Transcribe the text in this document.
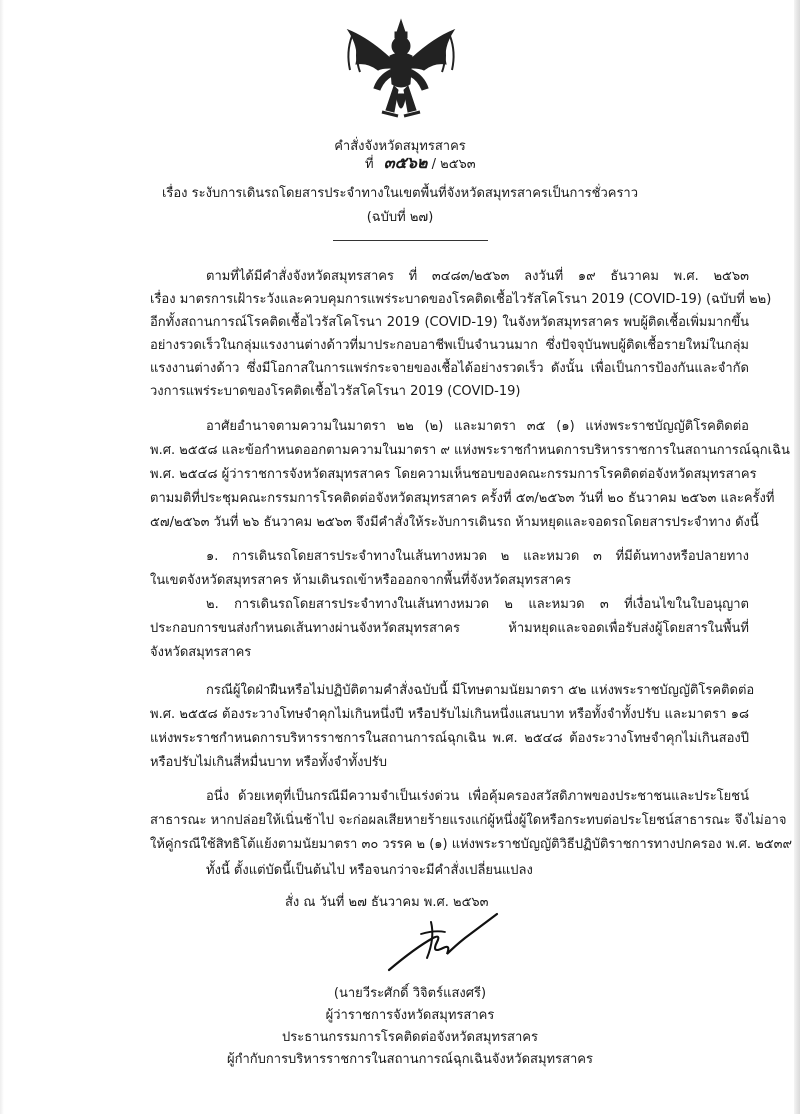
คำสั่งจังหวัดสมุทรสาคร
ที่ ๓๕๖๒ / ๒๕๖๓
เรื่อง ระงับการเดินรถโดยสารประจำทางในเขตพื้นที่จังหวัดสมุทรสาครเป็นการชั่วคราว
(ฉบับที่ ๒๗)
ตามที่ได้มีคำสั่งจังหวัดสมุทรสาคร ที่ ๓๔๘๓/๒๕๖๓ ลงวันที่ ๑๙ ธันวาคม พ.ศ. ๒๕๖๓
เรื่อง มาตรการเฝ้าระวังและควบคุมการแพร่ระบาดของโรคติดเชื้อไวรัสโคโรนา 2019 (COVID-19) (ฉบับที่ ๒๒)
อีกทั้งสถานการณ์โรคติดเชื้อไวรัสโคโรนา 2019 (COVID-19) ในจังหวัดสมุทรสาคร พบผู้ติดเชื้อเพิ่มมากขึ้น
อย่างรวดเร็วในกลุ่มแรงงานต่างด้าวที่มาประกอบอาชีพเป็นจำนวนมาก ซึ่งปัจจุบันพบผู้ติดเชื้อรายใหม่ในกลุ่ม
แรงงานต่างด้าว ซึ่งมีโอกาสในการแพร่กระจายของเชื้อได้อย่างรวดเร็ว ดังนั้น เพื่อเป็นการป้องกันและจำกัด
วงการแพร่ระบาดของโรคติดเชื้อไวรัสโคโรนา 2019 (COVID-19)
อาศัยอำนาจตามความในมาตรา ๒๒ (๒) และมาตรา ๓๕ (๑) แห่งพระราชบัญญัติโรคติดต่อ
พ.ศ. ๒๕๕๘ และข้อกำหนดออกตามความในมาตรา ๙ แห่งพระราชกำหนดการบริหารราชการในสถานการณ์ฉุกเฉิน
พ.ศ. ๒๕๔๘ ผู้ว่าราชการจังหวัดสมุทรสาคร โดยความเห็นชอบของคณะกรรมการโรคติดต่อจังหวัดสมุทรสาคร
ตามมติที่ประชุมคณะกรรมการโรคติดต่อจังหวัดสมุทรสาคร ครั้งที่ ๕๓/๒๕๖๓ วันที่ ๒๐ ธันวาคม ๒๕๖๓ และครั้งที่
๕๗/๒๕๖๓ วันที่ ๒๖ ธันวาคม ๒๕๖๓ จึงมีคำสั่งให้ระงับการเดินรถ ห้ามหยุดและจอดรถโดยสารประจำทาง ดังนี้
๑. การเดินรถโดยสารประจำทางในเส้นทางหมวด ๒ และหมวด ๓ ที่มีต้นทางหรือปลายทาง
ในเขตจังหวัดสมุทรสาคร ห้ามเดินรถเข้าหรือออกจากพื้นที่จังหวัดสมุทรสาคร
๒. การเดินรถโดยสารประจำทางในเส้นทางหมวด ๒ และหมวด ๓ ที่เงื่อนไขในใบอนุญาต
ประกอบการขนส่งกำหนดเส้นทางผ่านจังหวัดสมุทรสาคร ห้ามหยุดและจอดเพื่อรับส่งผู้โดยสารในพื้นที่
จังหวัดสมุทรสาคร
กรณีผู้ใดฝ่าฝืนหรือไม่ปฏิบัติตามคำสั่งฉบับนี้ มีโทษตามนัยมาตรา ๕๒ แห่งพระราชบัญญัติโรคติดต่อ
พ.ศ. ๒๕๕๘ ต้องระวางโทษจำคุกไม่เกินหนึ่งปี หรือปรับไม่เกินหนึ่งแสนบาท หรือทั้งจำทั้งปรับ และมาตรา ๑๘
แห่งพระราชกำหนดการบริหารราชการในสถานการณ์ฉุกเฉิน พ.ศ. ๒๕๔๘ ต้องระวางโทษจำคุกไม่เกินสองปี
หรือปรับไม่เกินสี่หมื่นบาท หรือทั้งจำทั้งปรับ
อนึ่ง ด้วยเหตุที่เป็นกรณีมีความจำเป็นเร่งด่วน เพื่อคุ้มครองสวัสดิภาพของประชาชนและประโยชน์
สาธารณะ หากปล่อยให้เนิ่นช้าไป จะก่อผลเสียหายร้ายแรงแก่ผู้หนึ่งผู้ใดหรือกระทบต่อประโยชน์สาธารณะ จึงไม่อาจ
ให้คู่กรณีใช้สิทธิโต้แย้งตามนัยมาตรา ๓๐ วรรค ๒ (๑) แห่งพระราชบัญญัติวิธีปฏิบัติราชการทางปกครอง พ.ศ. ๒๕๓๙
ทั้งนี้ ตั้งแต่บัดนี้เป็นต้นไป หรือจนกว่าจะมีคำสั่งเปลี่ยนแปลง
สั่ง ณ วันที่ ๒๗ ธันวาคม พ.ศ. ๒๕๖๓
(นายวีระศักดิ์ วิจิตร์แสงศรี)
ผู้ว่าราชการจังหวัดสมุทรสาคร
ประธานกรรมการโรคติดต่อจังหวัดสมุทรสาคร
ผู้กำกับการบริหารราชการในสถานการณ์ฉุกเฉินจังหวัดสมุทรสาคร
